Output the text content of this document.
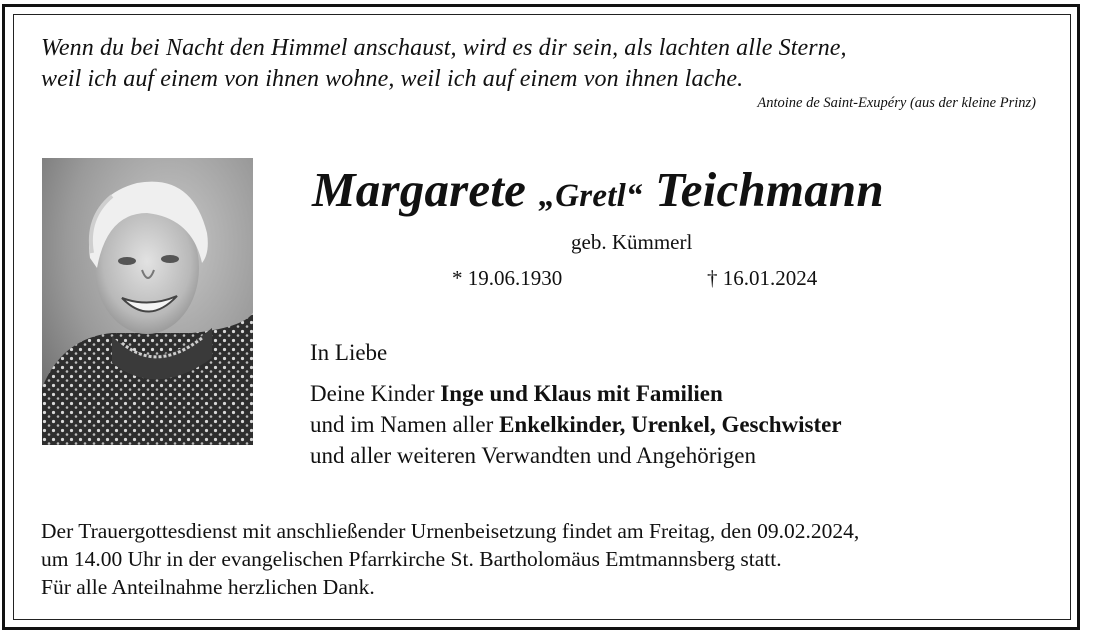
Wenn du bei Nacht den Himmel anschaust, wird es dir sein, als lachten alle Sterne,
weil ich auf einem von ihnen wohne, weil ich auf einem von ihnen lache.
Antoine de Saint-Exupéry (aus der kleine Prinz)
Margarete „Gretl“ Teichmann
geb. Kümmerl
* 19.06.1930	† 16.01.2024
In Liebe
Deine Kinder Inge und Klaus mit Familien
und im Namen aller Enkelkinder, Urenkel, Geschwister
und aller weiteren Verwandten und Angehörigen
Der Trauergottesdienst mit anschließender Urnenbeisetzung findet am Freitag, den 09.02.2024,
um 14.00 Uhr in der evangelischen Pfarrkirche St. Bartholomäus Emtmannsberg statt.
Für alle Anteilnahme herzlichen Dank.
